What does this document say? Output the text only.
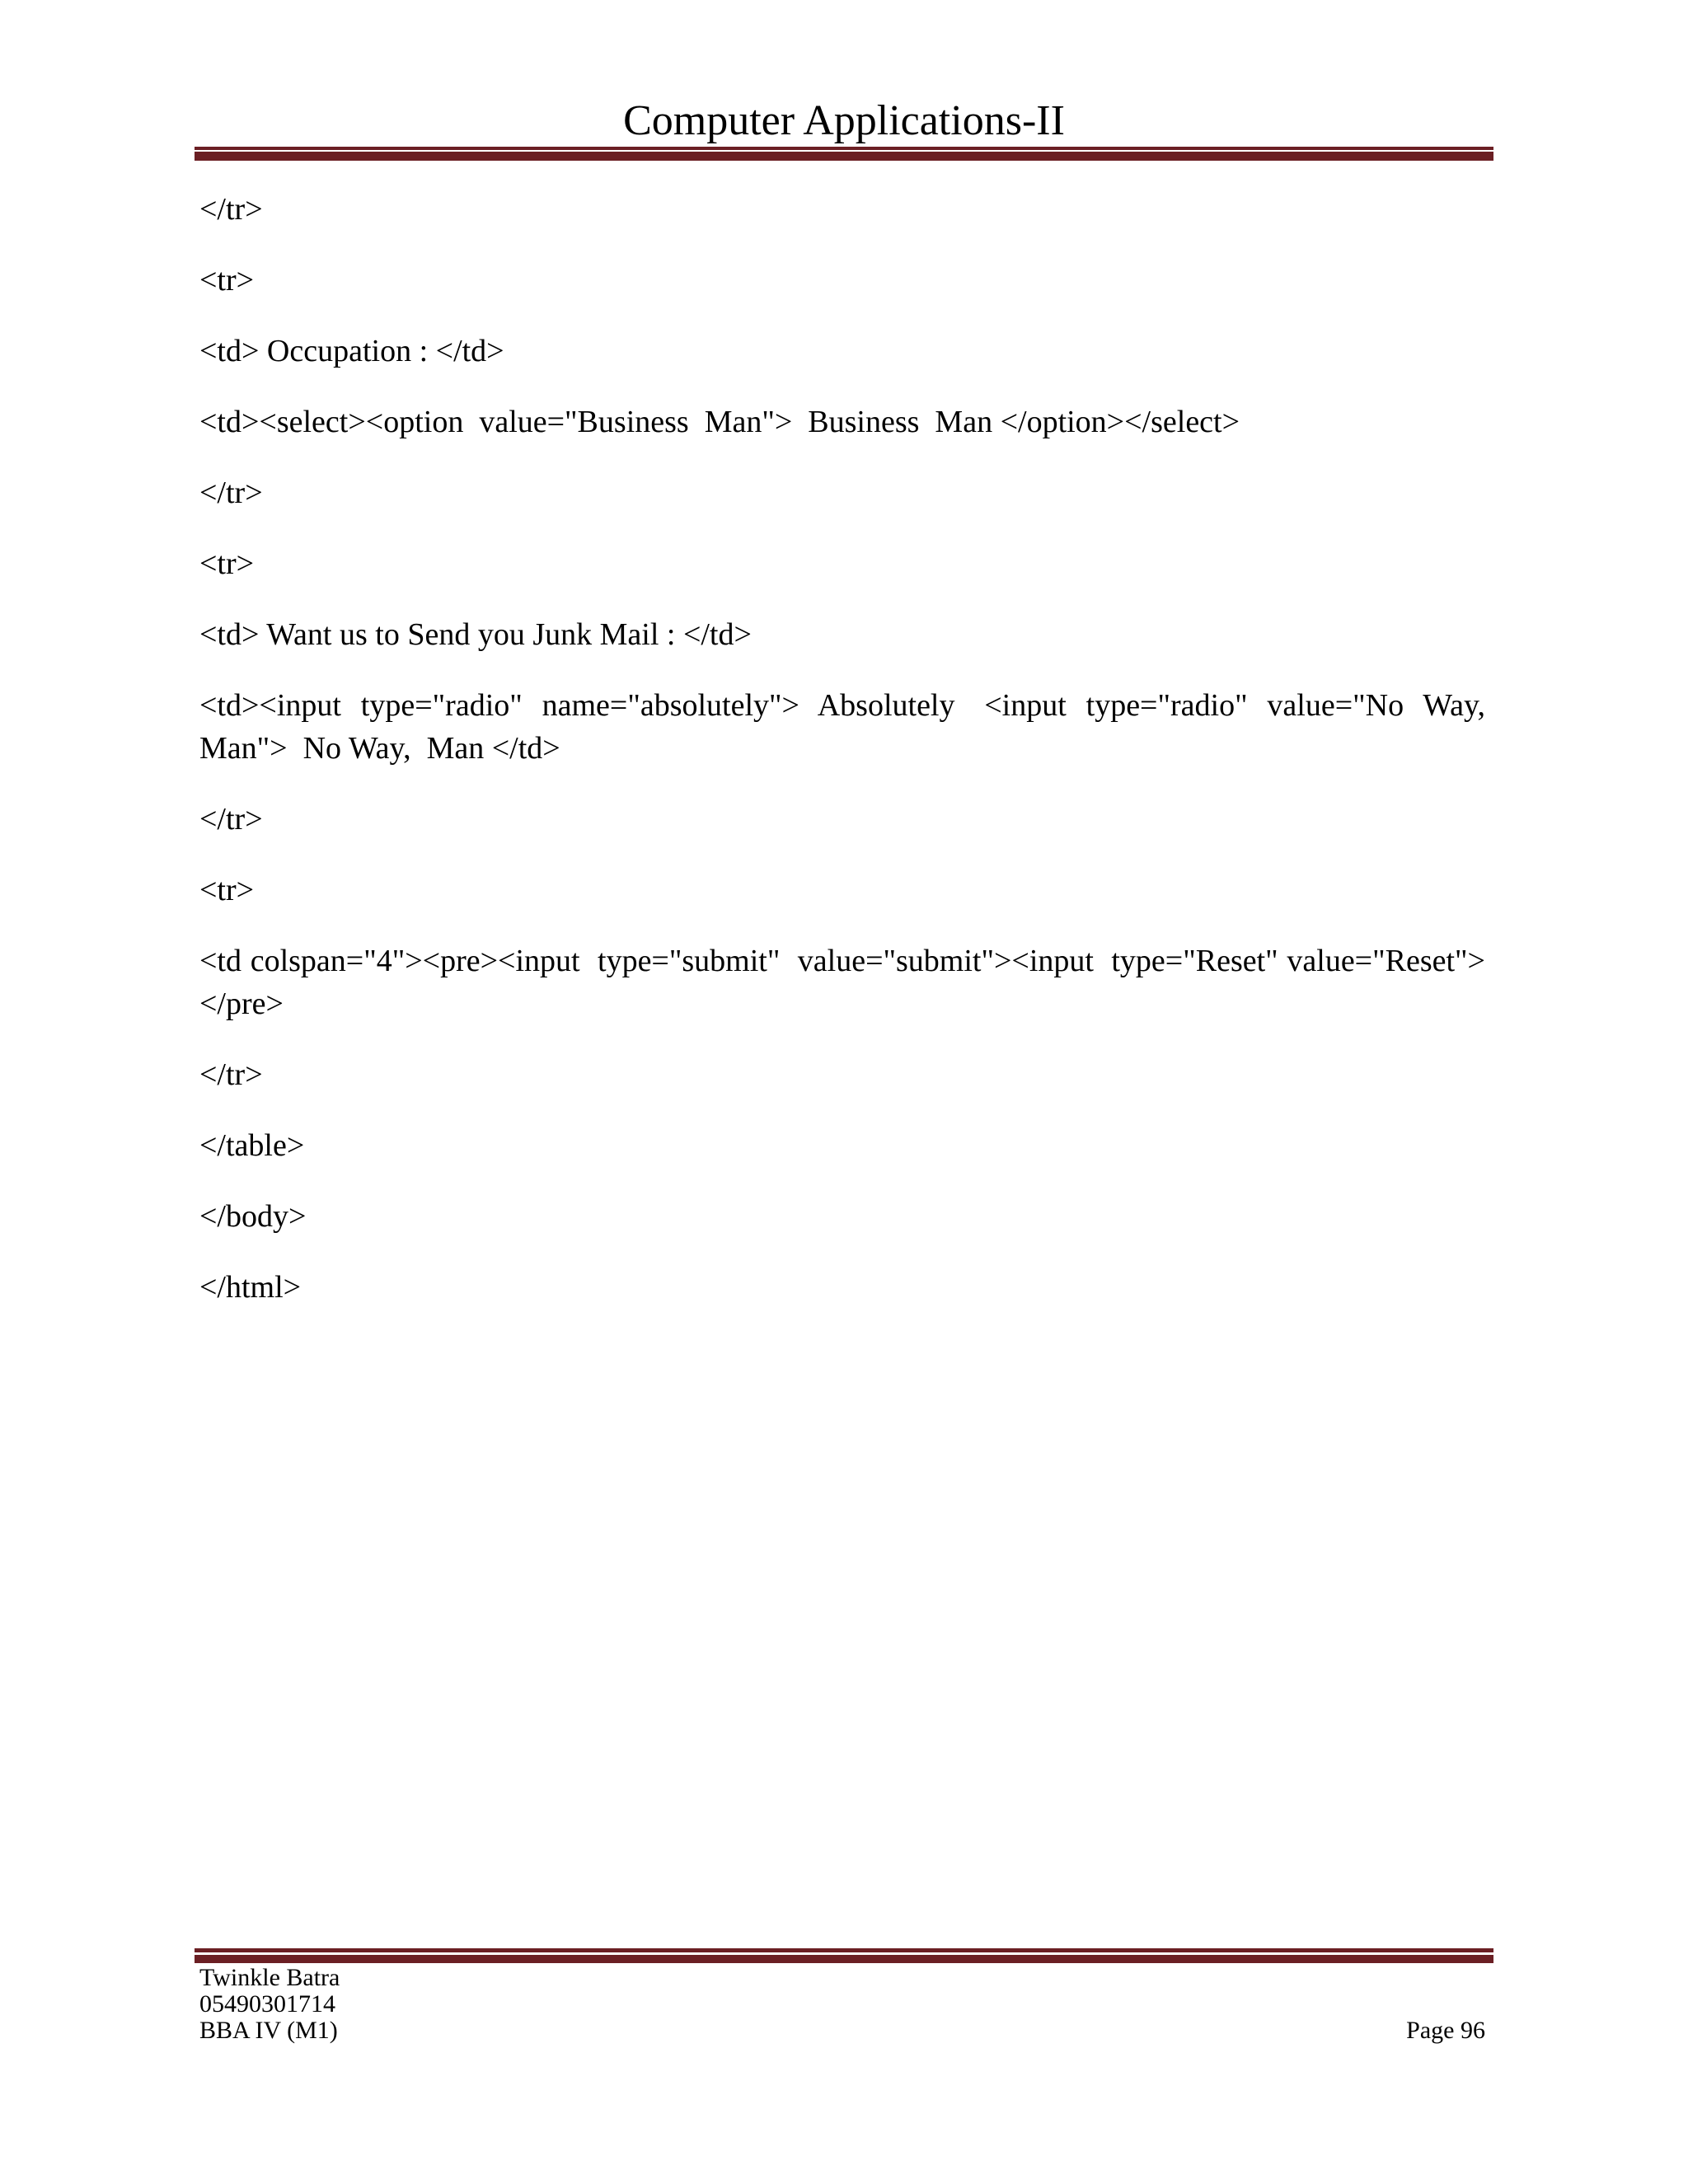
Computer Applications-II

</tr>

<tr>

<td> Occupation : </td>

<td><select><option  value="Business  Man">  Business  Man </option></select>

</tr>

<tr>

<td> Want us to Send you Junk Mail : </td>

<td><input  type="radio"  name="absolutely">  Absolutely   <input  type="radio"  value="No  Way, Man">  No Way,  Man </td>

</tr>

<tr>

<td colspan="4"><pre><input  type="submit"  value="submit"><input  type="Reset" value="Reset"></pre>

</tr>

</table>

</body>

</html>

Twinkle Batra
05490301714
BBA IV (M1)	Page 96
